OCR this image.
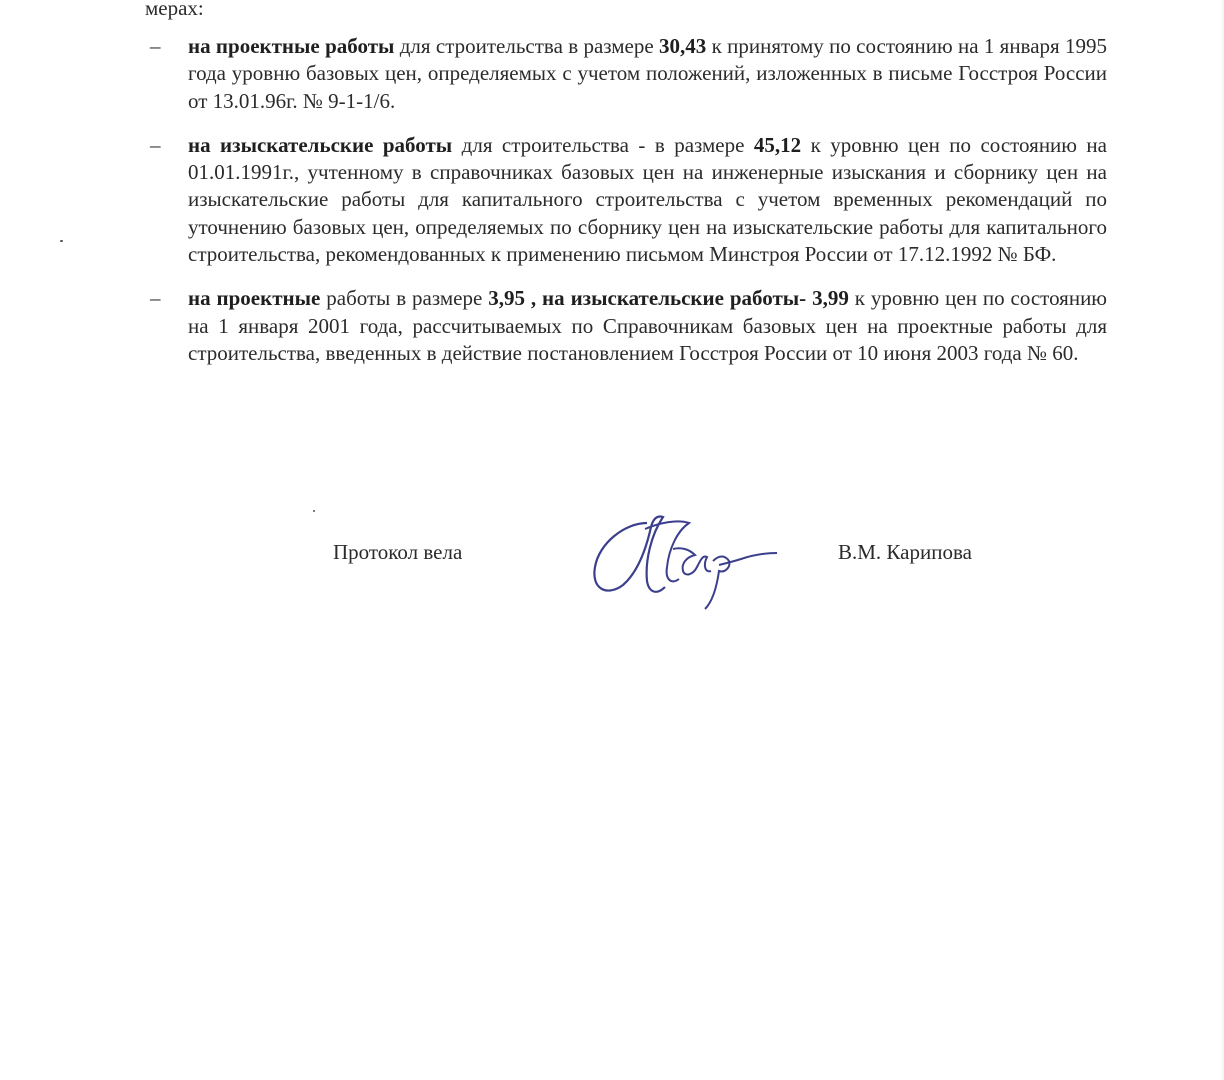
мерах:

– на проектные работы для строительства в размере 30,43 к принятому по состоянию на 1 января 1995 года уровню базовых цен, определяемых с учетом положений, изложенных в письме Госстроя России от 13.01.96г. № 9-1-1/6.

– на изыскательские работы для строительства - в размере 45,12 к уровню цен по состоянию на 01.01.1991г., учтенному в справочниках базовых цен на инженерные изыскания и сборнику цен на изыскательские работы для капитального строительства с учетом временных рекомендаций по уточнению базовых цен, определяемых по сборнику цен на изыскательские работы для капитального строительства, рекомендованных к применению письмом Минстроя России от 17.12.1992 № БФ.

– на проектные работы в размере 3,95 , на изыскательские работы- 3,99 к уровню цен по состоянию на 1 января 2001 года, рассчитываемых по Справочникам базовых цен на проектные работы для строительства, введенных в действие постановлением Госстроя России от 10 июня 2003 года № 60.

Протокол вела	В.М. Карипова
